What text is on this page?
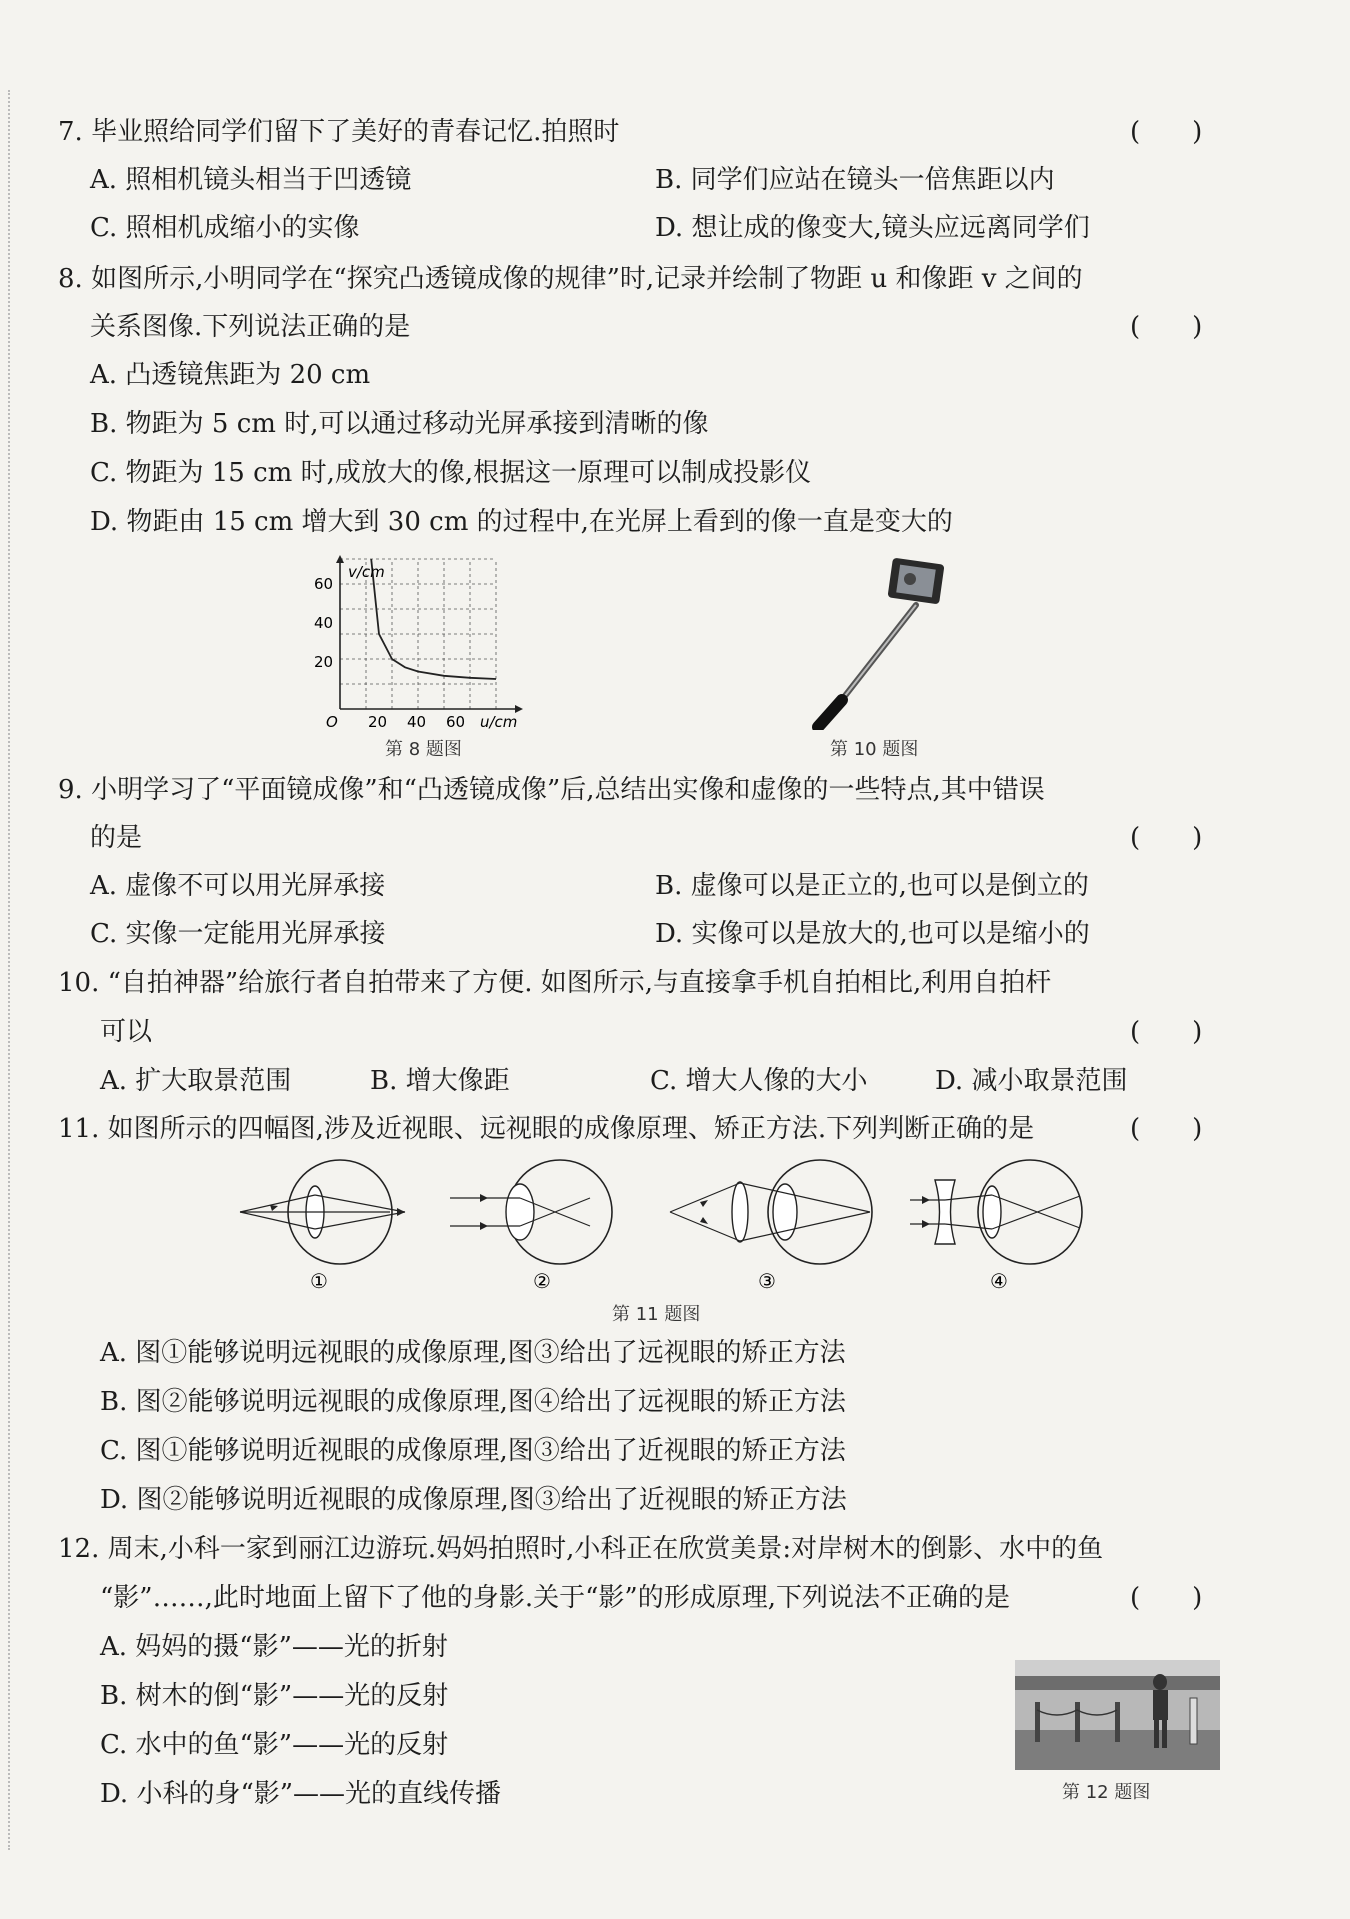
7. 毕业照给同学们留下了美好的青春记忆.拍照时	(　　)
A. 照相机镜头相当于凹透镜	B. 同学们应站在镜头一倍焦距以内
C. 照相机成缩小的实像	D. 想让成的像变大,镜头应远离同学们
8. 如图所示,小明同学在“探究凸透镜成像的规律”时,记录并绘制了物距 u 和像距 v 之间的
关系图像.下列说法正确的是	(　　)
A. 凸透镜焦距为 20 cm
B. 物距为 5 cm 时,可以通过移动光屏承接到清晰的像
C. 物距为 15 cm 时,成放大的像,根据这一原理可以制成投影仪
D. 物距由 15 cm 增大到 30 cm 的过程中,在光屏上看到的像一直是变大的
v/cm
u/cm
O
60
40
20
20 40 60
第 8 题图	第 10 题图
9. 小明学习了“平面镜成像”和“凸透镜成像”后,总结出实像和虚像的一些特点,其中错误
的是	(　　)
A. 虚像不可以用光屏承接	B. 虚像可以是正立的,也可以是倒立的
C. 实像一定能用光屏承接	D. 实像可以是放大的,也可以是缩小的
10. “自拍神器”给旅行者自拍带来了方便. 如图所示,与直接拿手机自拍相比,利用自拍杆
可以	(　　)
A. 扩大取景范围	B. 增大像距	C. 增大人像的大小	D. 减小取景范围
11. 如图所示的四幅图,涉及近视眼、远视眼的成像原理、矫正方法.下列判断正确的是	(　　)
①	②	③	④
第 11 题图
A. 图①能够说明远视眼的成像原理,图③给出了远视眼的矫正方法
B. 图②能够说明远视眼的成像原理,图④给出了远视眼的矫正方法
C. 图①能够说明近视眼的成像原理,图③给出了近视眼的矫正方法
D. 图②能够说明近视眼的成像原理,图③给出了近视眼的矫正方法
12. 周末,小科一家到丽江边游玩.妈妈拍照时,小科正在欣赏美景:对岸树木的倒影、水中的鱼
“影”……,此时地面上留下了他的身影.关于“影”的形成原理,下列说法不正确的是	(　　)
A. 妈妈的摄“影”——光的折射
B. 树木的倒“影”——光的反射
C. 水中的鱼“影”——光的反射
D. 小科的身“影”——光的直线传播	第 12 题图
